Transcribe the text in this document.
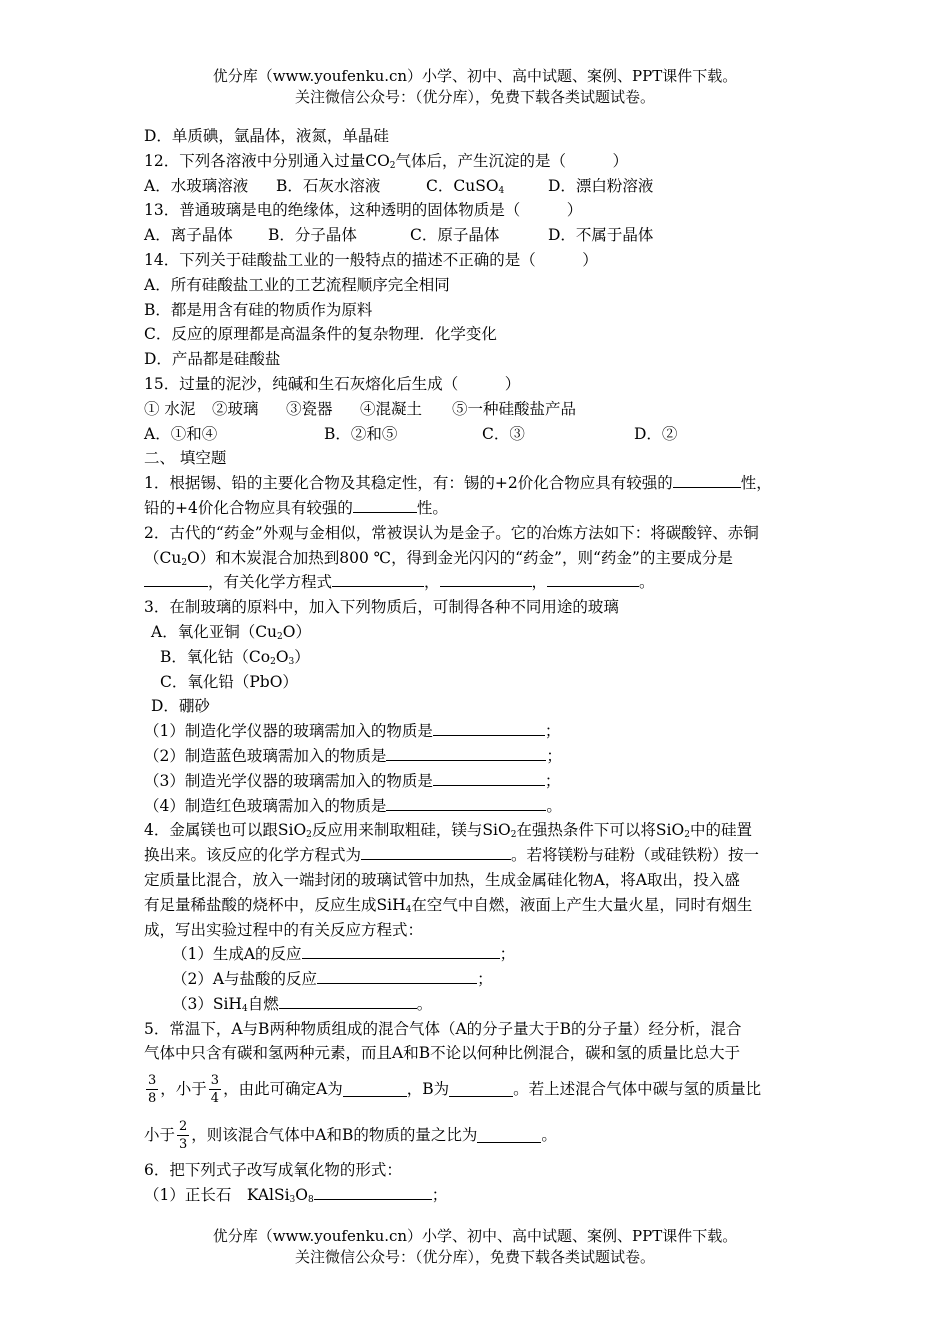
优分库（www.youfenku.cn）小学、初中、高中试题、案例、PPT课件下载。
关注微信公众号：（优分库），免费下载各类试题试卷。
D．单质碘，氩晶体，液氮，单晶硅
12．下列各溶液中分别通入过量$CO_2$气体后，产生沉淀的是（　　　）
A．水玻璃溶液	B．石灰水溶液	C．CuSO$_4$	D．漂白粉溶液
13．普通玻璃是电的绝缘体，这种透明的固体物质是（　　　）
A．离子晶体	B．分子晶体	C．原子晶体	D．不属于晶体
14．下列关于硅酸盐工业的一般特点的描述不正确的是（　　　）
A．所有硅酸盐工业的工艺流程顺序完全相同
B．都是用含有硅的物质作为原料
C．反应的原理都是高温条件的复杂物理．化学变化
D．产品都是硅酸盐
15．过量的泥沙，纯碱和生石灰熔化后生成（　　　）
① 水泥	②玻璃	③瓷器	④混凝土	⑤一种硅酸盐产品
A．①和④	B．②和⑤	C．③	D．②
二、 填空题
1．根据锡、铅的主要化合物及其稳定性，有：锡的+2价化合物应具有较强的	性，
铅的+4价化合物应具有较强的	性。
2．古代的“药金”外观与金相似，常被误认为是金子。它的冶炼方法如下：将碳酸锌、赤铜
$(Cu_2O)$和木炭混合加热到800 ℃，得到金光闪闪的“药金”，则“药金”的主要成分是
，有关化学方程式	，	，	。
3．在制玻璃的原料中，加入下列物质后，可制得各种不同用途的玻璃
A．氧化亚铜$(Cu_2O)$
B．氧化钴$(Co_2O_3)$
C．氧化铅（PbO）
D．硼砂
（1）制造化学仪器的玻璃需加入的物质是	；
（2）制造蓝色玻璃需加入的物质是	；
（3）制造光学仪器的玻璃需加入的物质是	；
（4）制造红色玻璃需加入的物质是	。
4．金属镁也可以跟SiO$_2$反应用来制取粗硅，镁与SiO$_2$在强热条件下可以将SiO$_2$中的硅置
换出来。该反应的化学方程式为	。若将镁粉与硅粉（或硅铁粉）按一
定质量比混合，放入一端封闭的玻璃试管中加热，生成金属硅化物A，将A取出，投入盛
有足量稀盐酸的烧杯中，反应生成SiH$_4$在空气中自燃，液面上产生大量火星，同时有烟生
成，写出实验过程中的有关反应方程式：
（1）生成A的反应	；
（2）A与盐酸的反应	；
（3）SiH$_4$自燃	。
5．常温下，A与B两种物质组成的混合气体（A的分子量大于B的分子量）经分析，混合
气体中只含有碳和氢两种元素，而且A和B不论以何种比例混合，碳和氢的质量比总大于
$\frac{3}{8}$ ，小于 $\frac{3}{4}$ ，由此可确定A为	，B为	。若上述混合气体中碳与氢的质量比
小于 $\frac{2}{3}$ ，则该混合气体中A和B的物质的量之比为	。
6．把下列式子改写成氧化物的形式：
（1）正长石　$KAlSi_3O_8$	；
优分库（www.youfenku.cn）小学、初中、高中试题、案例、PPT课件下载。
关注微信公众号：（优分库），免费下载各类试题试卷。
